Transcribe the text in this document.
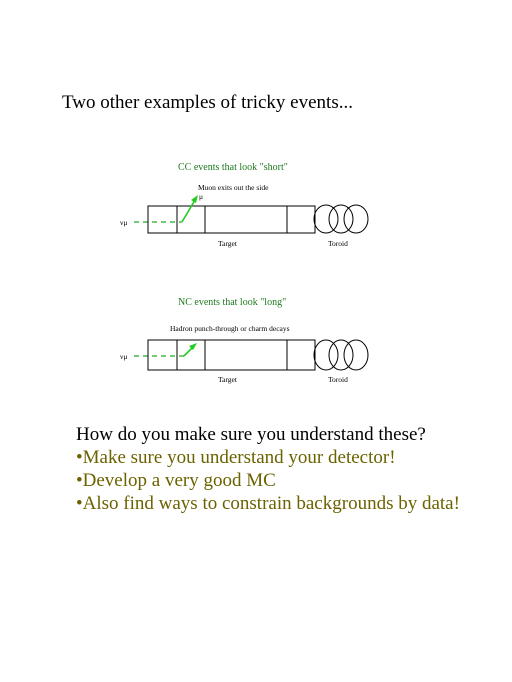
Two other examples of tricky events...
CC events that look "short"
Muon exits out the side
μ
νμ
Target	Toroid
NC events that look "long"
Hadron punch-through or charm decays
νμ
Target	Toroid
How do you make sure you understand these?
•Make sure you understand your detector!
•Develop a very good MC
•Also find ways to constrain backgrounds by data!
